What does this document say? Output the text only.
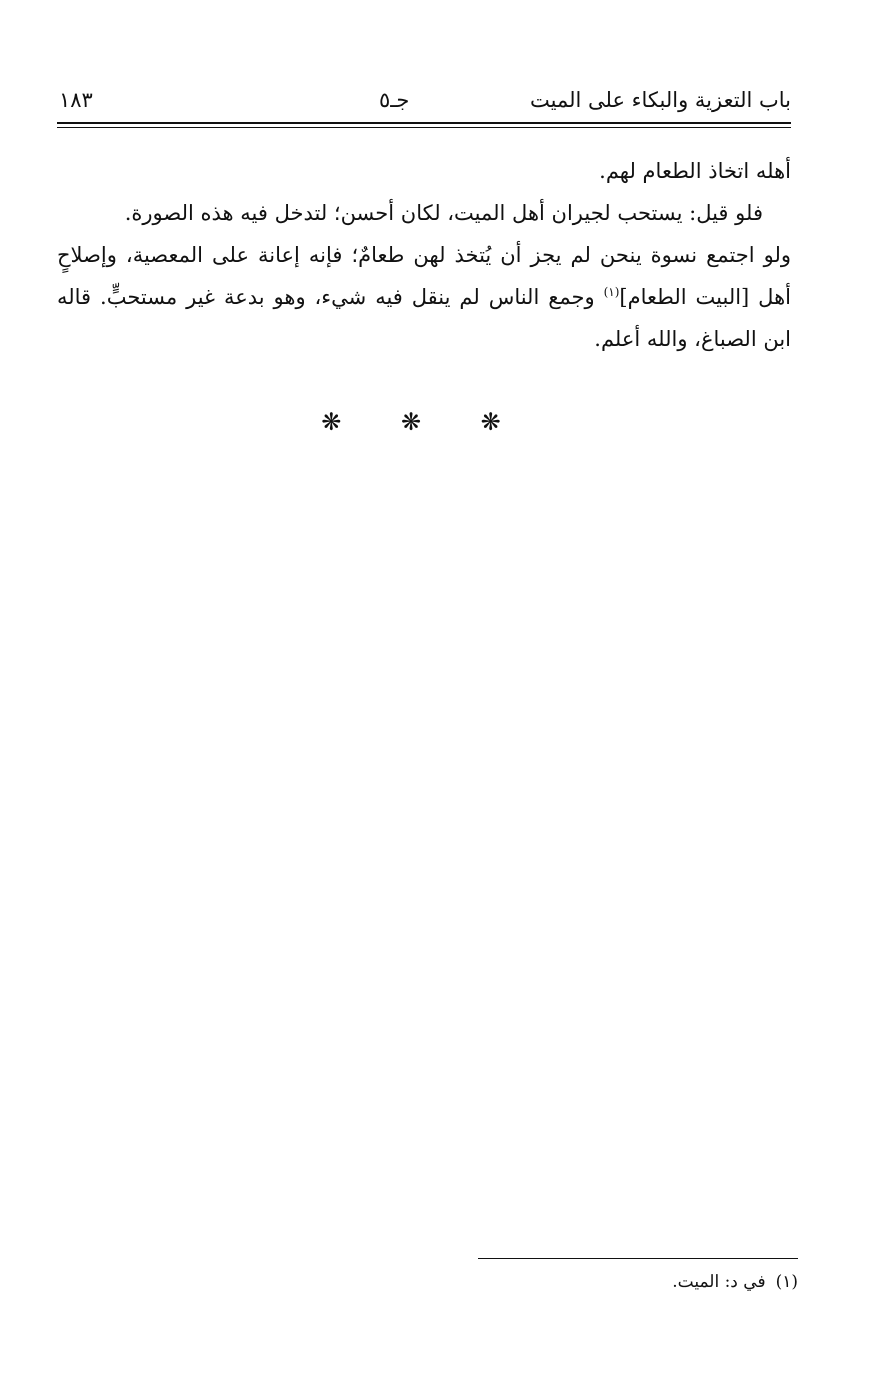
باب التعزية والبكاء على الميت
جـ٥
١٨٣

أهله اتخاذ الطعام لهم.

فلو قيل: يستحب لجيران أهل الميت، لكان أحسن؛ لتدخل فيه هذه الصورة.

ولو اجتمع نسوة ينحن لم يجز أن يُتخذ لهن طعامٌ؛ فإنه إعانة على المعصية، وإصلاحٍ أهل [البيت الطعام]$^{(١)}$ وجمع الناس لم ينقل فيه شيء، وهو بدعة غير مستحبٍّ. قاله ابن الصباغ، والله أعلم.

❋ ❋ ❋
(١)في د: الميت.
